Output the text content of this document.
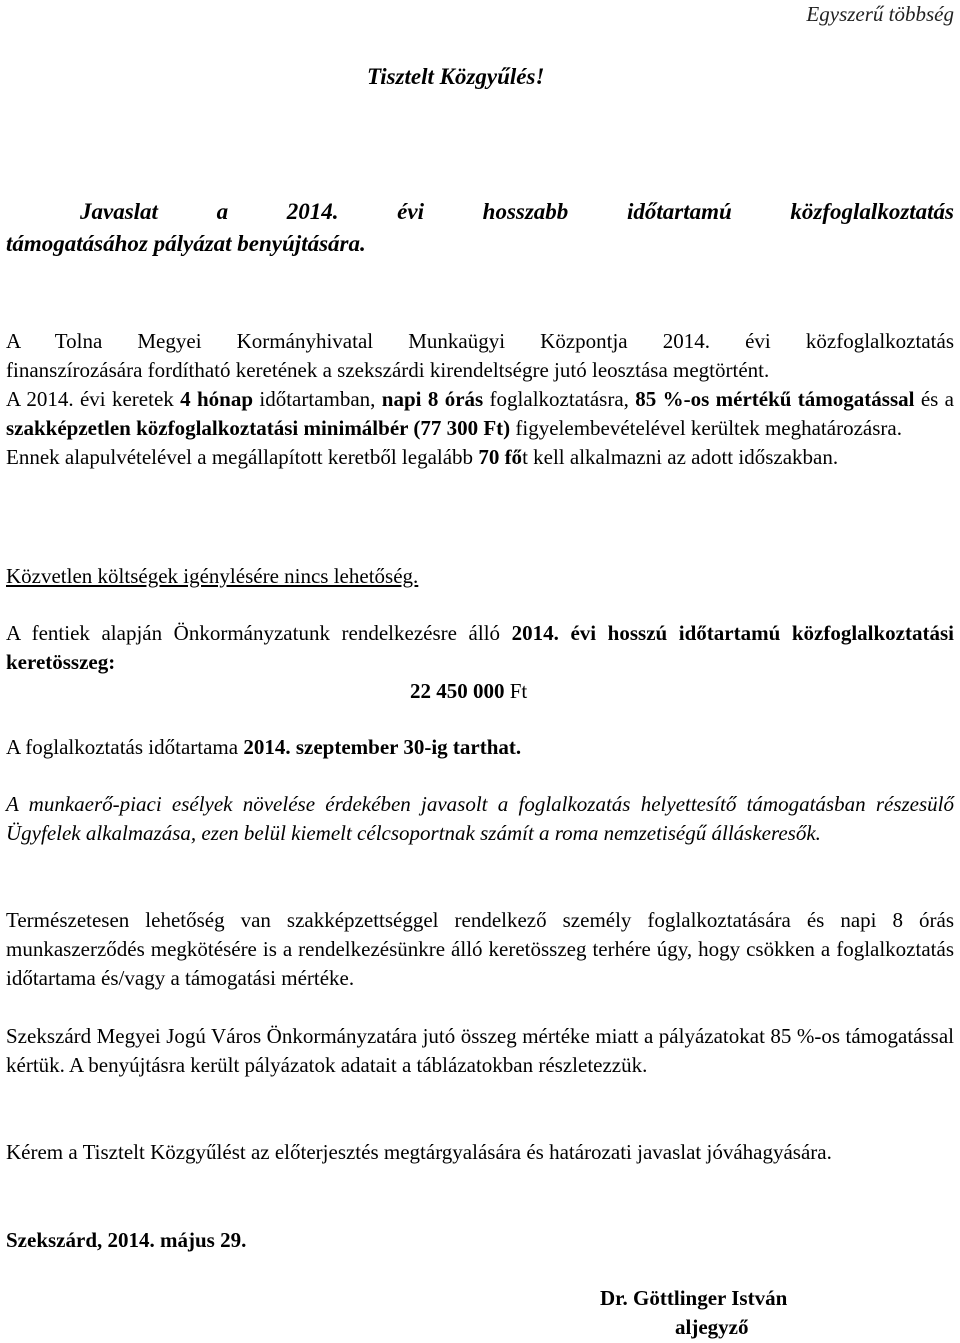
Egyszerű többség
Tisztelt Közgyűlés!

Javaslat a 2014. évi hosszabb időtartamú közfoglalkoztatás

támogatásához pályázat benyújtására.

A Tolna Megyei Kormányhivatal Munkaügyi Központja 2014. évi közfoglalkoztatás

finanszírozására fordítható keretének a szekszárdi kirendeltségre jutó leosztása megtörtént.

A 2014. évi keretek 4 hónap időtartamban, napi 8 órás foglalkoztatásra, 85 %-os mértékű támogatással és a szakképzetlen közfoglalkoztatási minimálbér (77 300 Ft) figyelembevételével kerültek meghatározásra.

Ennek alapulvételével a megállapított keretből legalább 70 főt kell alkalmazni az adott időszakban.

Közvetlen költségek igénylésére nincs lehetőség.

A fentiek alapján Önkormányzatunk rendelkezésre álló 2014. évi hosszú időtartamú közfoglalkoztatási keretösszeg:

22 450 000 Ft
A foglalkoztatás időtartama 2014. szeptember 30-ig tarthat.
A munkaerő-piaci esélyek növelése érdekében javasolt a foglalkozatás helyettesítő támogatásban részesülő Ügyfelek alkalmazása, ezen belül kiemelt célcsoportnak számít a roma nemzetiségű álláskeresők.
Természetesen lehetőség van szakképzettséggel rendelkező személy foglalkoztatására és napi 8 órás munkaszerződés megkötésére is a rendelkezésünkre álló keretösszeg terhére úgy, hogy csökken a foglalkoztatás időtartama és/vagy a támogatási mértéke.
Szekszárd Megyei Jogú Város Önkormányzatára jutó összeg mértéke miatt a pályázatokat 85 %-os támogatással kértük. A benyújtásra került pályázatok adatait a táblázatokban részletezzük.
Kérem a Tisztelt Közgyűlést az előterjesztés megtárgyalására és határozati javaslat jóváhagyására.
Szekszárd, 2014. május 29.
Dr. Göttlinger István
aljegyző
